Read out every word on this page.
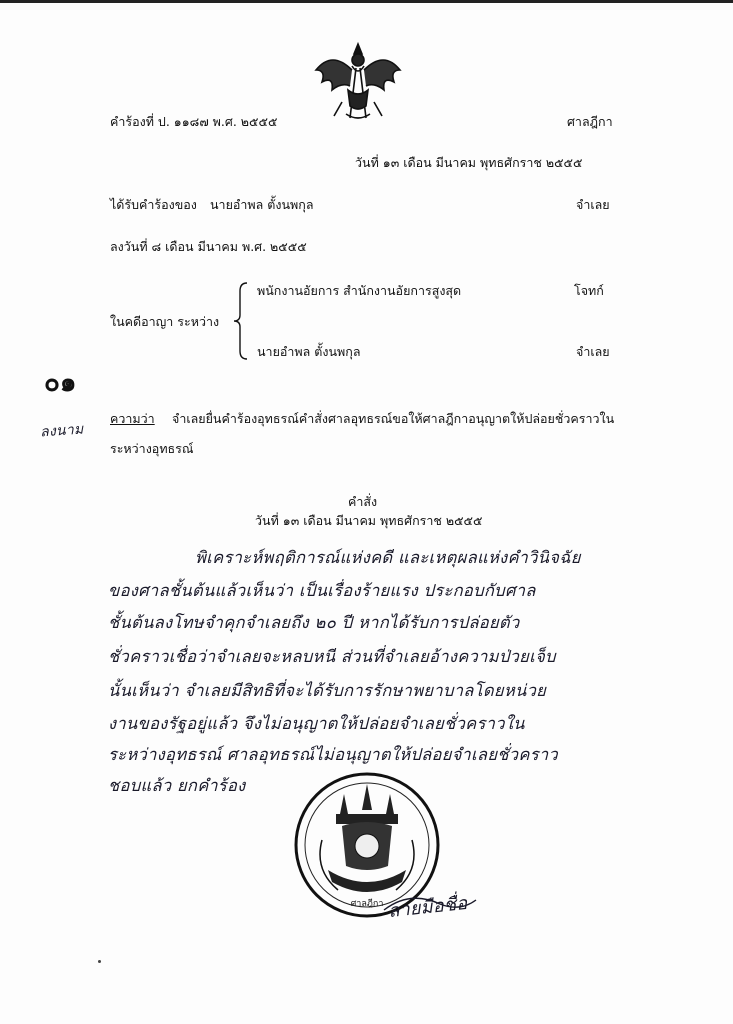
คำร้องที่ ป. ๑๑๘๗ พ.ศ. ๒๕๕๕	ศาลฎีกา
วันที่ ๑๓ เดือน มีนาคม พุทธศักราช ๒๕๕๕
ได้รับคำร้องของ นายอำพล ตั้งนพกุล	จำเลย
ลงวันที่ ๘ เดือน มีนาคม พ.ศ. ๒๕๕๕
ในคดีอาญา ระหว่าง
พนักงานอัยการ สำนักงานอัยการสูงสุด	โจทก์
นายอำพล ตั้งนพกุล	จำเลย
๐๑
ลงนาม
ความว่า จำเลยยื่นคำร้องอุทธรณ์คำสั่งศาลอุทธรณ์ขอให้ศาลฎีกาอนุญาตให้ปล่อยชั่วคราวใน
ระหว่างอุทธรณ์
คำสั่ง
วันที่ ๑๓ เดือน มีนาคม พุทธศักราช ๒๕๕๕
พิเคราะห์พฤติการณ์แห่งคดี และเหตุผลแห่งคำวินิจฉัย
ของศาลชั้นต้นแล้วเห็นว่า เป็นเรื่องร้ายแรง ประกอบกับศาล
ชั้นต้นลงโทษจำคุกจำเลยถึง ๒๐ ปี หากได้รับการปล่อยตัว
ชั่วคราวเชื่อว่าจำเลยจะหลบหนี ส่วนที่จำเลยอ้างความป่วยเจ็บ
นั้นเห็นว่า จำเลยมีสิทธิที่จะได้รับการรักษาพยาบาลโดยหน่วย
งานของรัฐอยู่แล้ว จึงไม่อนุญาตให้ปล่อยจำเลยชั่วคราวใน
ระหว่างอุทธรณ์ ศาลอุทธรณ์ไม่อนุญาตให้ปล่อยจำเลยชั่วคราว
ชอบแล้ว ยกคำร้อง
ศาลฎีกา ลายมือชื่อ
